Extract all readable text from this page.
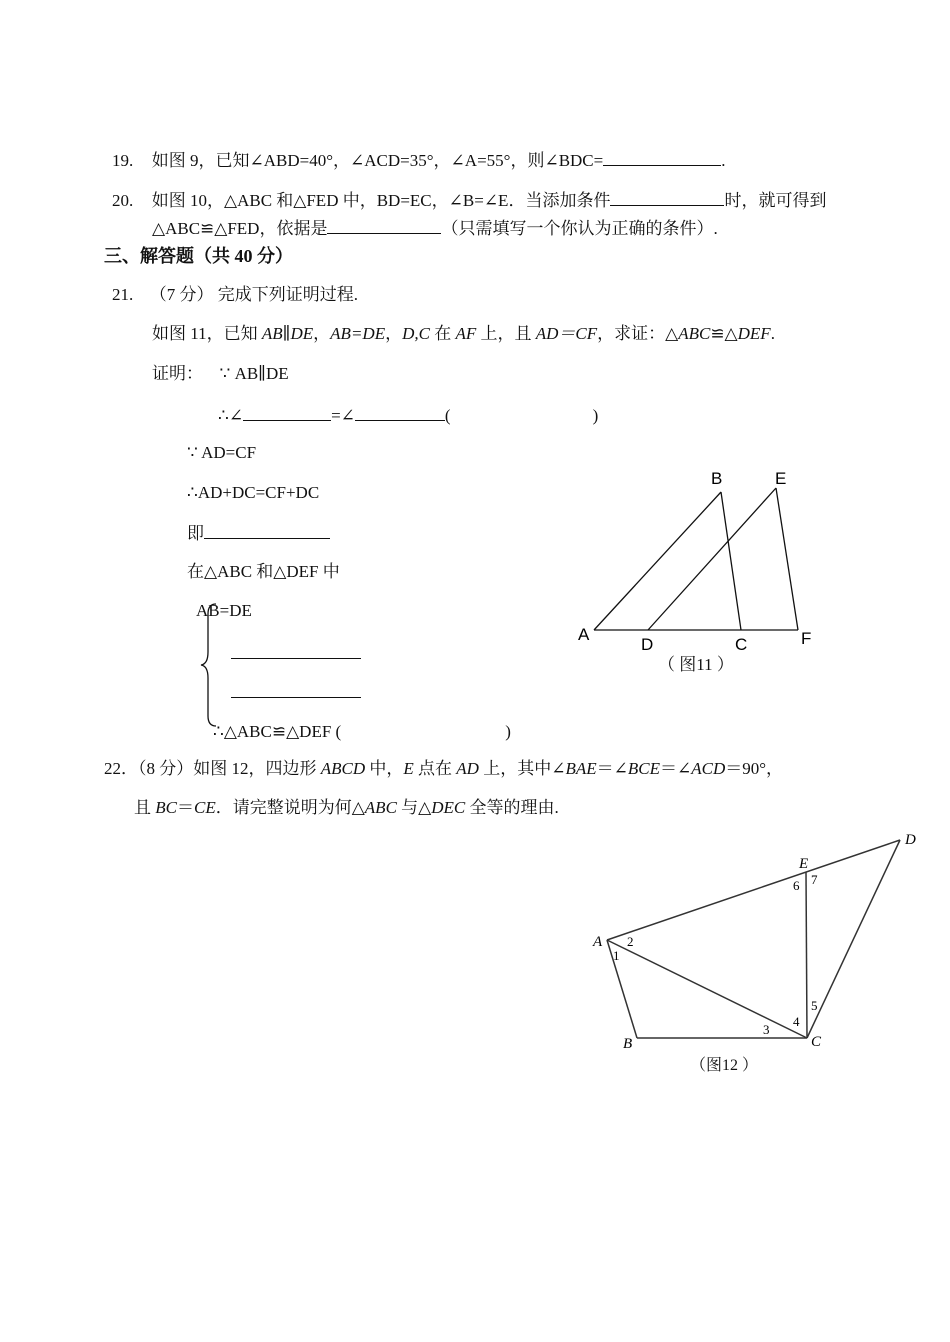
19. 如图 9，已知∠ABD=40°，∠ACD=35°，∠A=55°，则∠BDC=	.
20. 如图 10，△ABC 和△FED 中，BD=EC，∠B=∠E．当添加条件	时，就可得到
△ABC≌△FED，依据是	（只需填写一个你认为正确的条件）.
三、解答题（共 40 分）
21. （7 分） 完成下列证明过程.
如图 11，已知 AB∥DE，AB=DE，D,C 在 AF 上，且 AD＝CF，求证：△ABC≌△DEF.
证明： ∵ AB∥DE
∴∠	=∠	(	)
∵ AD=CF
∴AD+DC=CF+DC
即
在△ABC 和△DEF 中
AB=DE
∴△ABC≌△DEF (	)
B	E
A
D	C	F
（ 图11 ）
22．（8 分）如图 12，四边形 ABCD 中，E 点在 AD 上，其中∠BAE＝∠BCE＝∠ACD＝90°，
且 BC＝CE．请完整说明为何△ABC 与△DEC 全等的理由.
A
B	C
D
E
1
2
3
4
5
6 7
（图12 ）
